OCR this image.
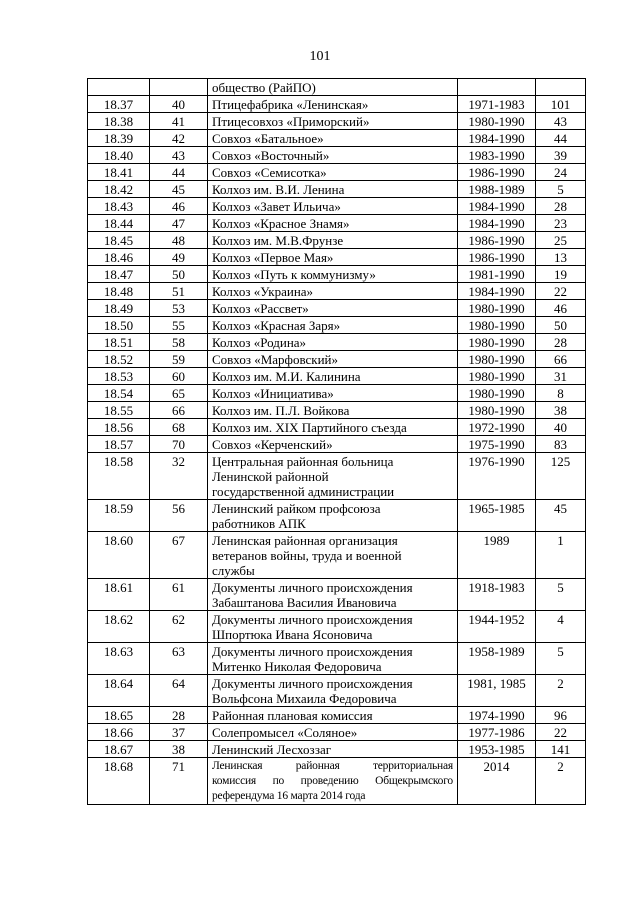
101
		общество (РайПО)		
18.37	40	Птицефабрика «Ленинская»	1971-1983	101
18.38	41	Птицесовхоз «Приморский»	1980-1990	43
18.39	42	Совхоз «Батальное»	1984-1990	44
18.40	43	Совхоз «Восточный»	1983-1990	39
18.41	44	Совхоз «Семисотка»	1986-1990	24
18.42	45	Колхоз им. В.И. Ленина	1988-1989	5
18.43	46	Колхоз «Завет Ильича»	1984-1990	28
18.44	47	Колхоз «Красное Знамя»	1984-1990	23
18.45	48	Колхоз им. М.В.Фрунзе	1986-1990	25
18.46	49	Колхоз «Первое Мая»	1986-1990	13
18.47	50	Колхоз «Путь к коммунизму»	1981-1990	19
18.48	51	Колхоз «Украина»	1984-1990	22
18.49	53	Колхоз «Рассвет»	1980-1990	46
18.50	55	Колхоз «Красная Заря»	1980-1990	50
18.51	58	Колхоз «Родина»	1980-1990	28
18.52	59	Совхоз «Марфовский»	1980-1990	66
18.53	60	Колхоз им. М.И. Калинина	1980-1990	31
18.54	65	Колхоз «Инициатива»	1980-1990	8
18.55	66	Колхоз им. П.Л. Войкова	1980-1990	38
18.56	68	Колхоз им. XIX Партийного съезда	1972-1990	40
18.57	70	Совхоз «Керченский»	1975-1990	83
18.58	32	Центральная районная больница
Ленинской районной
государственной администрации	1976-1990	125
18.59	56	Ленинский райком профсоюза
работников АПК	1965-1985	45
18.60	67	Ленинская районная организация
ветеранов войны, труда и военной
службы	1989	1
18.61	61	Документы личного происхождения
Забаштанова Василия Ивановича	1918-1983	5
18.62	62	Документы личного происхождения
Шпортюка Ивана Ясоновича	1944-1952	4
18.63	63	Документы личного происхождения
Митенко Николая Федоровича	1958-1989	5
18.64	64	Документы личного происхождения
Вольфсона Михаила Федоровича	1981, 1985	2
18.65	28	Районная плановая комиссия	1974-1990	96
18.66	37	Солепромысел «Соляное»	1977-1986	22
18.67	38	Ленинский Лесхоззаг	1953-1985	141
18.68	71	Ленинская районная территориальная
комиссия по проведению Общекрымского
референдума 16 марта 2014 года	2014	2
